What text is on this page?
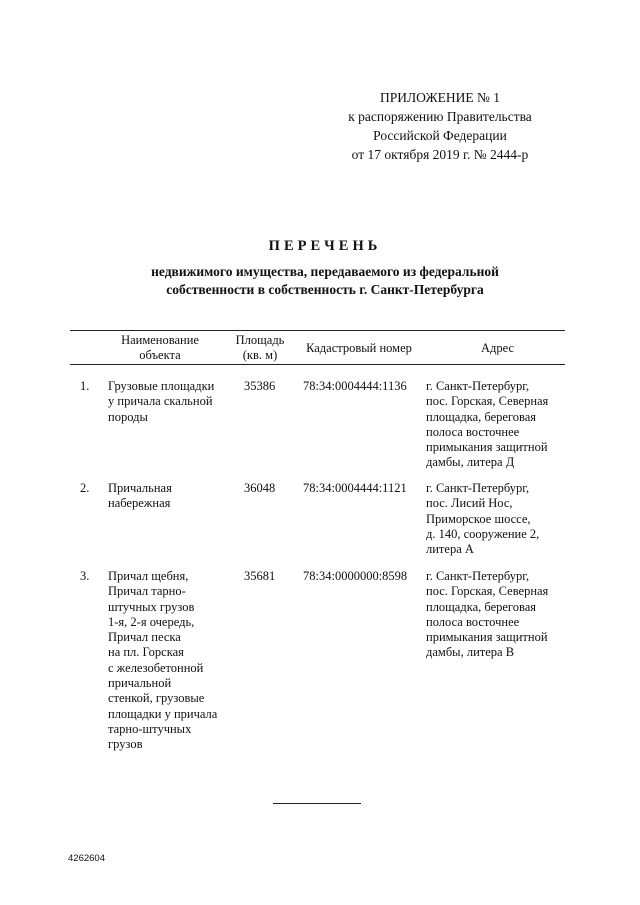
ПРИЛОЖЕНИЕ № 1
к распоряжению Правительства
Российской Федерации
от 17 октября 2019 г. № 2444-р
ПЕРЕЧЕНЬ
недвижимого имущества, передаваемого из федеральной
собственности в собственность г. Санкт-Петербурга
Наименование
объекта
Площадь
(кв. м)	Кадастровый номер	Адрес
1. Грузовые площадки
у причала скальной
породы
35386 78:34:0004444:1136 г. Санкт-Петербург,
пос. Горская, Северная
площадка, береговая
полоса восточнее
примыкания защитной
дамбы, литера Д
2. Причальная
набережная
36048 78:34:0004444:1121 г. Санкт-Петербург,
пос. Лисий Нос,
Приморское шоссе,
д. 140, сооружение 2,
литера А
3. Причал щебня,
Причал тарно-
штучных грузов
1-я, 2-я очередь,
Причал песка
на пл. Горская
с железобетонной
причальной
стенкой, грузовые
площадки у причала
тарно-штучных
грузов
35681 78:34:0000000:8598 г. Санкт-Петербург,
пос. Горская, Северная
площадка, береговая
полоса восточнее
примыкания защитной
дамбы, литера В
4262604
